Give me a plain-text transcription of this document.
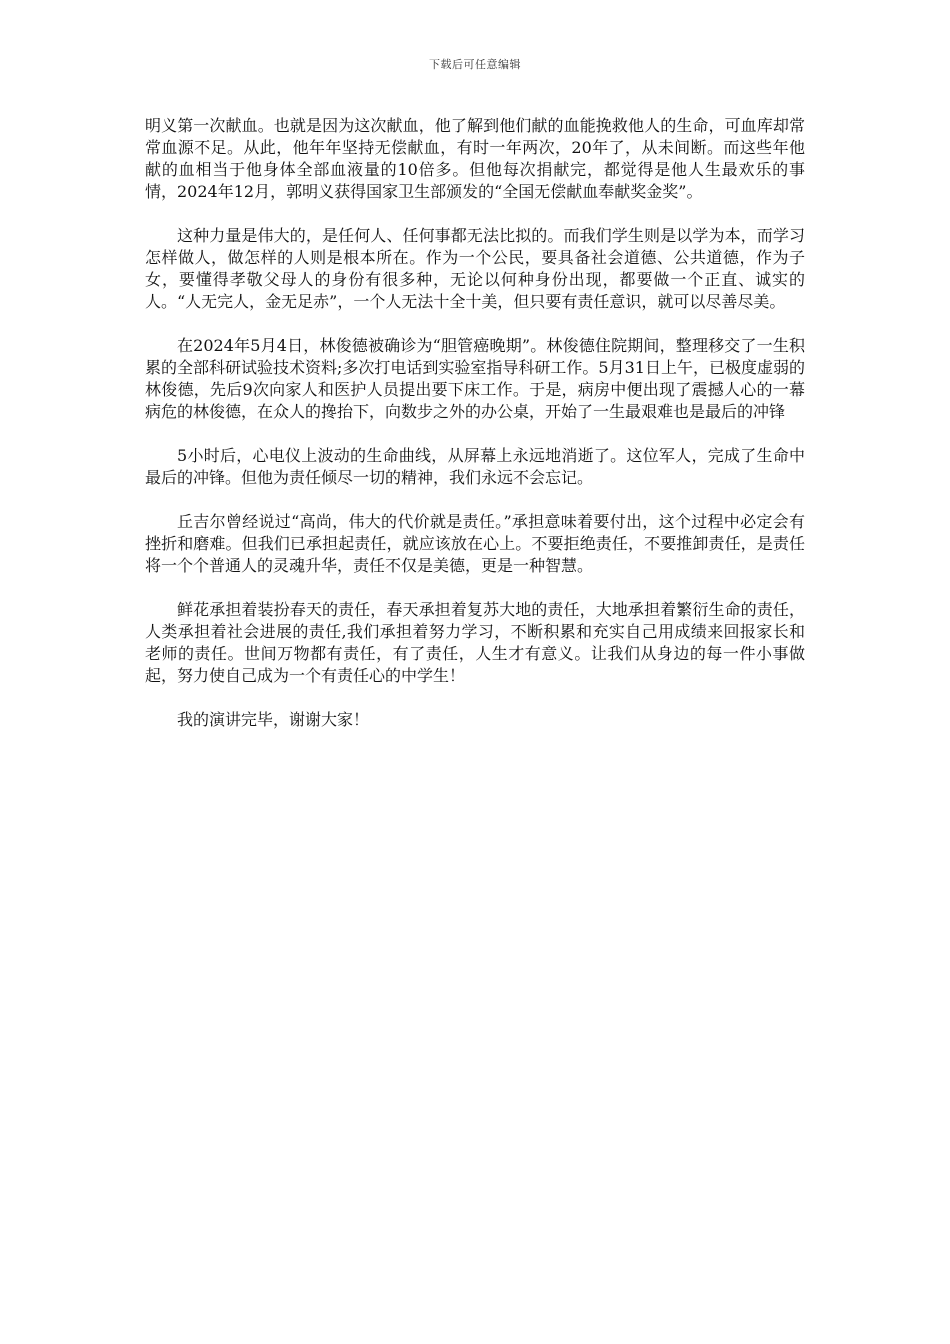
下载后可任意编辑

明义第一次献血。也就是因为这次献血，他了解到他们献的血能挽救他人的生命，可血库却常常血源不足。从此，他年年坚持无偿献血，有时一年两次，20年了，从未间断。而这些年他献的血相当于他身体全部血液量的10倍多。但他每次捐献完，都觉得是他人生最欢乐的事情，2024年12月，郭明义获得国家卫生部颁发的“全国无偿献血奉献奖金奖”。

这种力量是伟大的，是任何人、任何事都无法比拟的。而我们学生则是以学为本，而学习怎样做人，做怎样的人则是根本所在。作为一个公民，要具备社会道德、公共道德，作为子女，要懂得孝敬父母人的身份有很多种，无论以何种身份出现，都要做一个正直、诚实的人。“人无完人，金无足赤”，一个人无法十全十美，但只要有责任意识，就可以尽善尽美。

在2024年5月4日，林俊德被确诊为“胆管癌晚期”。林俊德住院期间，整理移交了一生积累的全部科研试验技术资料;多次打电话到实验室指导科研工作。5月31日上午，已极度虚弱的林俊德，先后9次向家人和医护人员提出要下床工作。于是，病房中便出现了震撼人心的一幕病危的林俊德，在众人的搀抬下，向数步之外的办公桌，开始了一生最艰难也是最后的冲锋

5小时后，心电仪上波动的生命曲线，从屏幕上永远地消逝了。这位军人，完成了生命中最后的冲锋。但他为责任倾尽一切的精神，我们永远不会忘记。

丘吉尔曾经说过“高尚，伟大的代价就是责任。”承担意味着要付出，这个过程中必定会有挫折和磨难。但我们已承担起责任，就应该放在心上。不要拒绝责任，不要推卸责任，是责任将一个个普通人的灵魂升华，责任不仅是美德，更是一种智慧。

鲜花承担着装扮春天的责任，春天承担着复苏大地的责任，大地承担着繁衍生命的责任，人类承担着社会进展的责任,我们承担着努力学习，不断积累和充实自己用成绩来回报家长和老师的责任。世间万物都有责任，有了责任，人生才有意义。让我们从身边的每一件小事做起，努力使自己成为一个有责任心的中学生！

我的演讲完毕，谢谢大家！
